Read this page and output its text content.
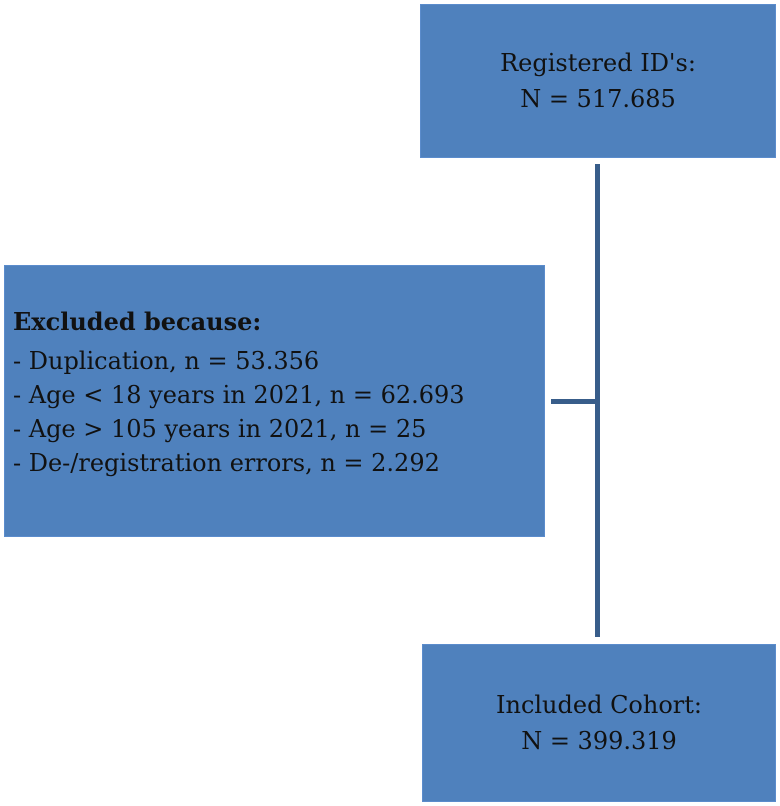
Registered ID's:
N = 517.685
Excluded because:
- Duplication, n = 53.356
- Age < 18 years in 2021, n = 62.693
- Age > 105 years in 2021, n = 25
- De-/registration errors, n = 2.292
Included Cohort:
N = 399.319
